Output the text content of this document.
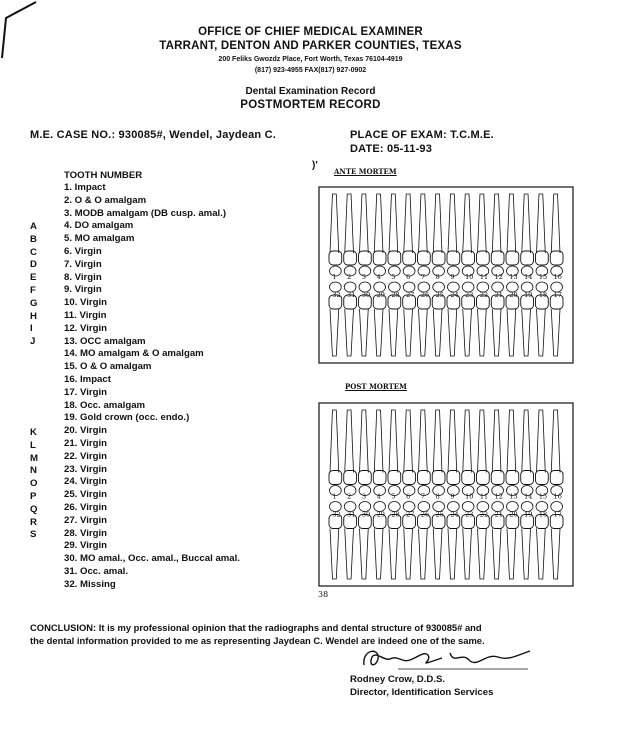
OFFICE OF CHIEF MEDICAL EXAMINER
TARRANT, DENTON AND PARKER COUNTIES, TEXAS
200 Feliks Gwozdz Place, Fort Worth, Texas 76104-4919
(817) 923-4955 FAX(817) 927-0902
Dental Examination Record
POSTMORTEM RECORD
M.E. CASE NO.: 930085#, Wendel, Jaydean C.	PLACE OF EXAM: T.C.M.E.
DATE: 05-11-93
TOOTH NUMBER
1. Impact
2. O & O amalgam
3. MODB amalgam (DB cusp. amal.)
4. DO amalgam
5. MO amalgam
6. Virgin
7. Virgin
8. Virgin
9. Virgin
10. Virgin
11. Virgin
12. Virgin
13. OCC amalgam
14. MO amalgam & O amalgam
15. O & O amalgam
16. Impact
17. Virgin
18. Occ. amalgam
19. Gold crown (occ. endo.)
20. Virgin
21. Virgin
22. Virgin
23. Virgin
24. Virgin
25. Virgin
26. Virgin
27. Virgin
28. Virgin
29. Virgin
30. MO amal., Occ. amal., Buccal amal.
31. Occ. amal.
32. Missing
A
B
C
D
E
F
G
H
I
J
K
L
M
N
O
P
Q
R
S
)'
ANTE MORTEM
POST MORTEM
1 2 3 4 5 6 7 8 9 10 11 12 13 14 15 16
32 31 30 29 28 27 26 25 24 23 22 21 20 19 18 17
1 2 3 4 5 6 7 8 9 10 11 12 13 14 15 16
32 31 30 29 28 27 26 25 24 23 22 21 20 19 18 17
38
CONCLUSION: It is my professional opinion that the radiographs and dental structure of 930085# and
the dental information provided to me as representing Jaydean C. Wendel are indeed one of the same.
Rodney Crow, D.D.S.
Director, Identification Services
